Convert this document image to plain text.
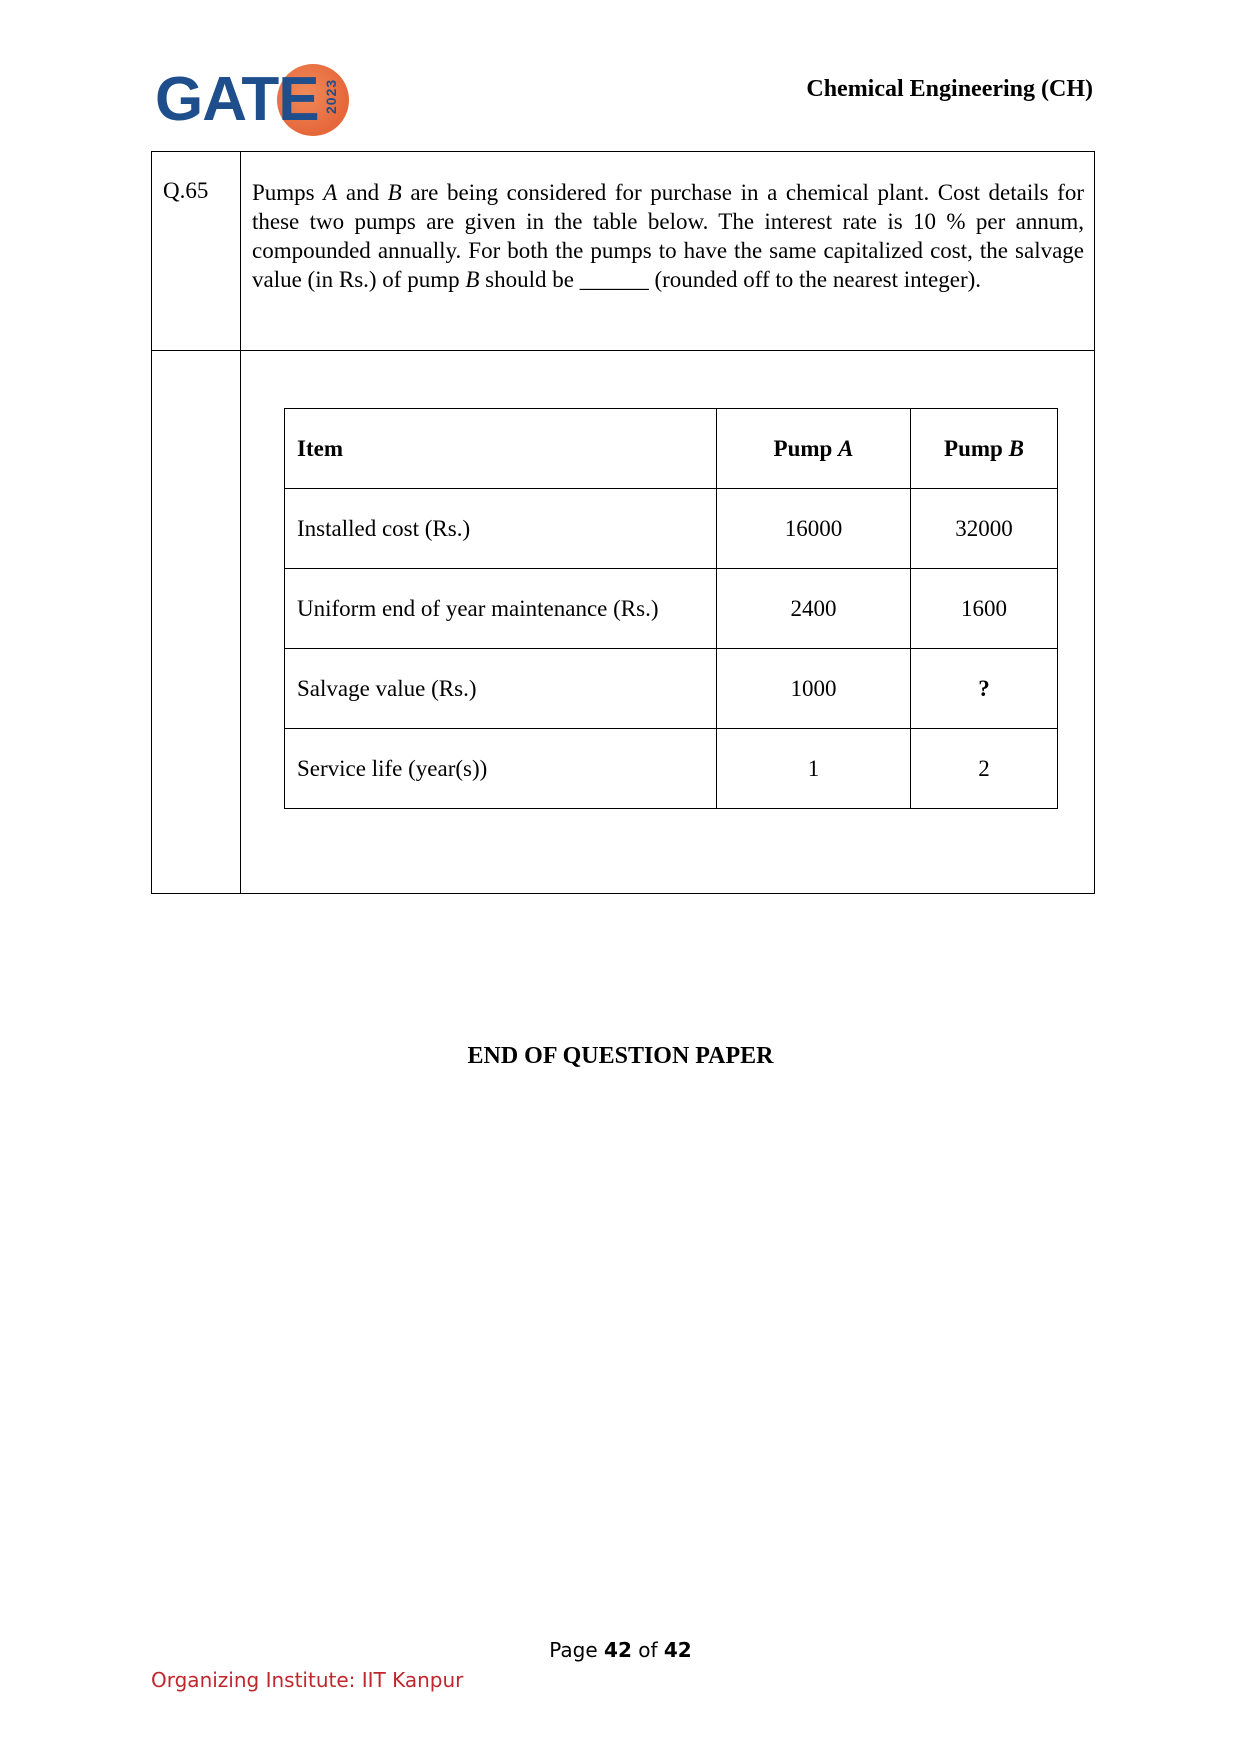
GATE 2023	Chemical Engineering (CH)
Q.65 Pumps A and B are being considered for purchase in a chemical plant. Cost details for these two pumps are given in the table below. The interest rate is 10 % per annum, compounded annually. For both the pumps to have the same capitalized cost, the salvage value (in Rs.) of pump B should be ______ (rounded off to the nearest integer).
Item	Pump A	Pump B
Installed cost (Rs.)	16000	32000
Uniform end of year maintenance (Rs.)	2400	1600
Salvage value (Rs.)	1000	?
Service life (year(s))	1	2
END OF QUESTION PAPER
Page 42 of 42
Organizing Institute: IIT Kanpur
